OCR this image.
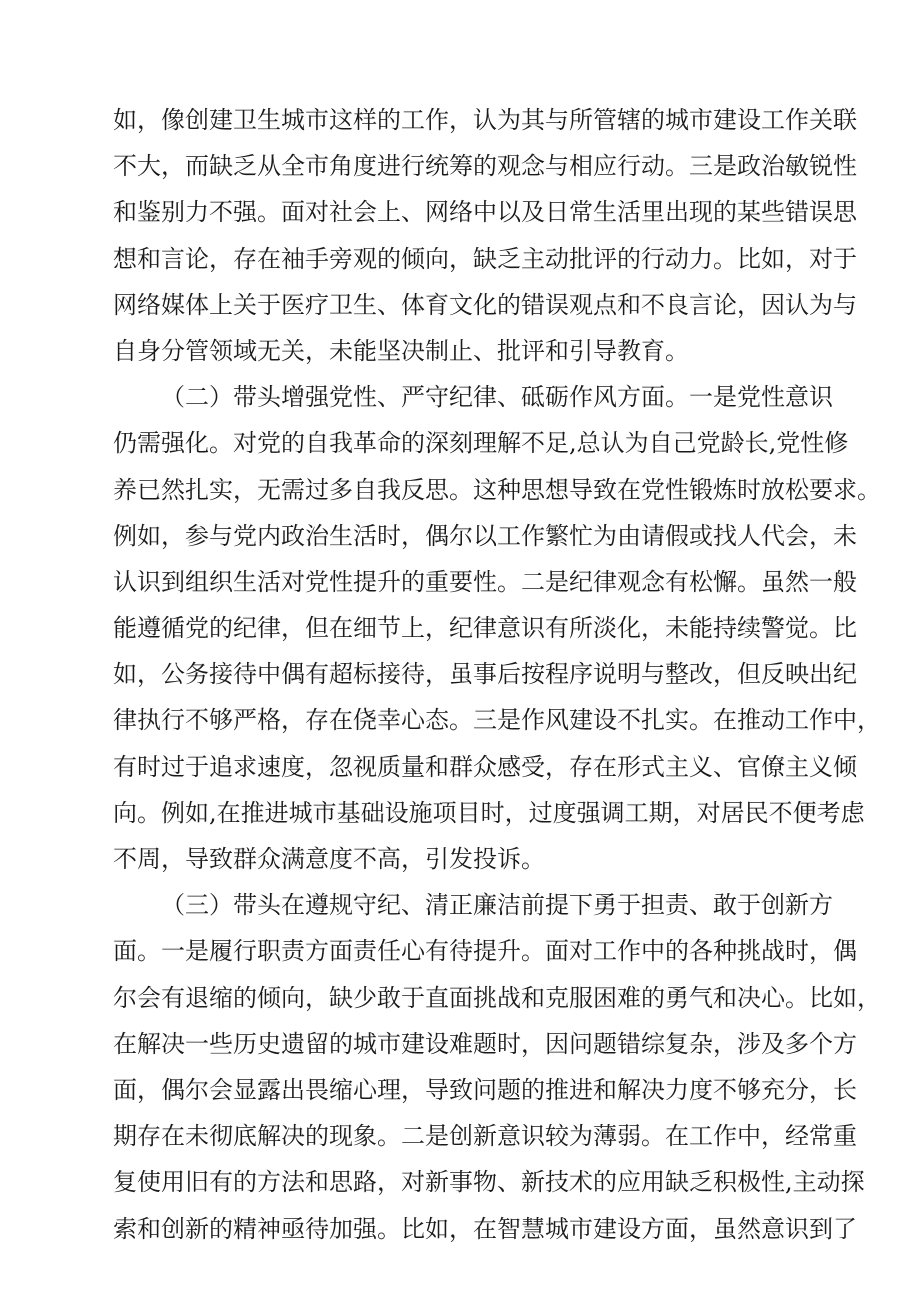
如，像创建卫生城市这样的工作，认为其与所管辖的城市建设工作关联
不大，而缺乏从全市角度进行统筹的观念与相应行动。三是政治敏锐性
和鉴别力不强。面对社会上、网络中以及日常生活里出现的某些错误思
想和言论，存在袖手旁观的倾向，缺乏主动批评的行动力。比如，对于
网络媒体上关于医疗卫生、体育文化的错误观点和不良言论，因认为与
自身分管领域无关，未能坚决制止、批评和引导教育。
（二）带头增强党性、严守纪律、砥砺作风方面。一是党性意识
仍需强化。对党的自我革命的深刻理解不足,总认为自己党龄长,党性修
养已然扎实，无需过多自我反思。这种思想导致在党性锻炼时放松要求。
例如，参与党内政治生活时，偶尔以工作繁忙为由请假或找人代会，未
认识到组织生活对党性提升的重要性。二是纪律观念有松懈。虽然一般
能遵循党的纪律，但在细节上，纪律意识有所淡化，未能持续警觉。比
如，公务接待中偶有超标接待，虽事后按程序说明与整改，但反映出纪
律执行不够严格，存在侥幸心态。三是作风建设不扎实。在推动工作中，
有时过于追求速度，忽视质量和群众感受，存在形式主义、官僚主义倾
向。例如,在推进城市基础设施项目时，过度强调工期，对居民不便考虑
不周，导致群众满意度不高，引发投诉。
（三）带头在遵规守纪、清正廉洁前提下勇于担责、敢于创新方
面。一是履行职责方面责任心有待提升。面对工作中的各种挑战时，偶
尔会有退缩的倾向，缺少敢于直面挑战和克服困难的勇气和决心。比如，
在解决一些历史遗留的城市建设难题时，因问题错综复杂，涉及多个方
面，偶尔会显露出畏缩心理，导致问题的推进和解决力度不够充分，长
期存在未彻底解决的现象。二是创新意识较为薄弱。在工作中，经常重
复使用旧有的方法和思路，对新事物、新技术的应用缺乏积极性,主动探
索和创新的精神亟待加强。比如，在智慧城市建设方面，虽然意识到了
